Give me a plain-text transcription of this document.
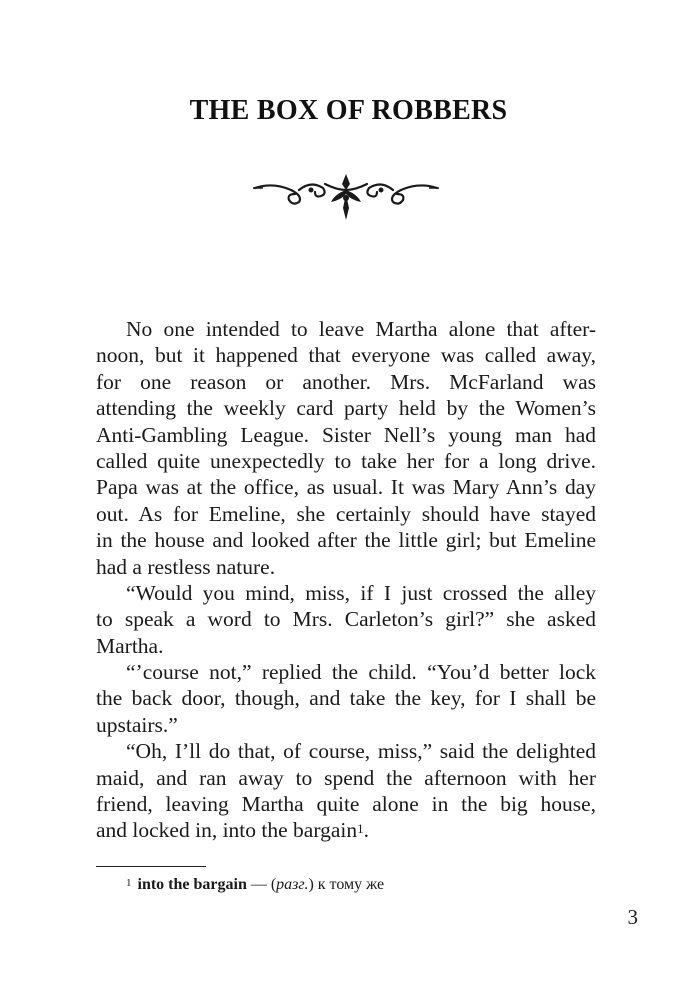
THE BOX OF ROBBERS
No one intended to leave Martha alone that after-
noon, but it happened that everyone was called away,
for one reason or another. Mrs. McFarland was
attending the weekly card party held by the Women’s
Anti-Gambling League. Sister Nell’s young man had
called quite unexpectedly to take her for a long drive.
Papa was at the office, as usual. It was Mary Ann’s day
out. As for Emeline, she certainly should have stayed
in the house and looked after the little girl; but Emeline
had a restless nature.
“Would you mind, miss, if I just crossed the alley
to speak a word to Mrs. Carleton’s girl?” she asked
Martha.
“’course not,” replied the child. “You’d better lock
the back door, though, and take the key, for I shall be
upstairs.”
“Oh, I’ll do that, of course, miss,” said the delighted
maid, and ran away to spend the afternoon with her
friend, leaving Martha quite alone in the big house,
and locked in, into the bargain$^1$.
$^1$ into the bargain — (разг.) к тому же
3
